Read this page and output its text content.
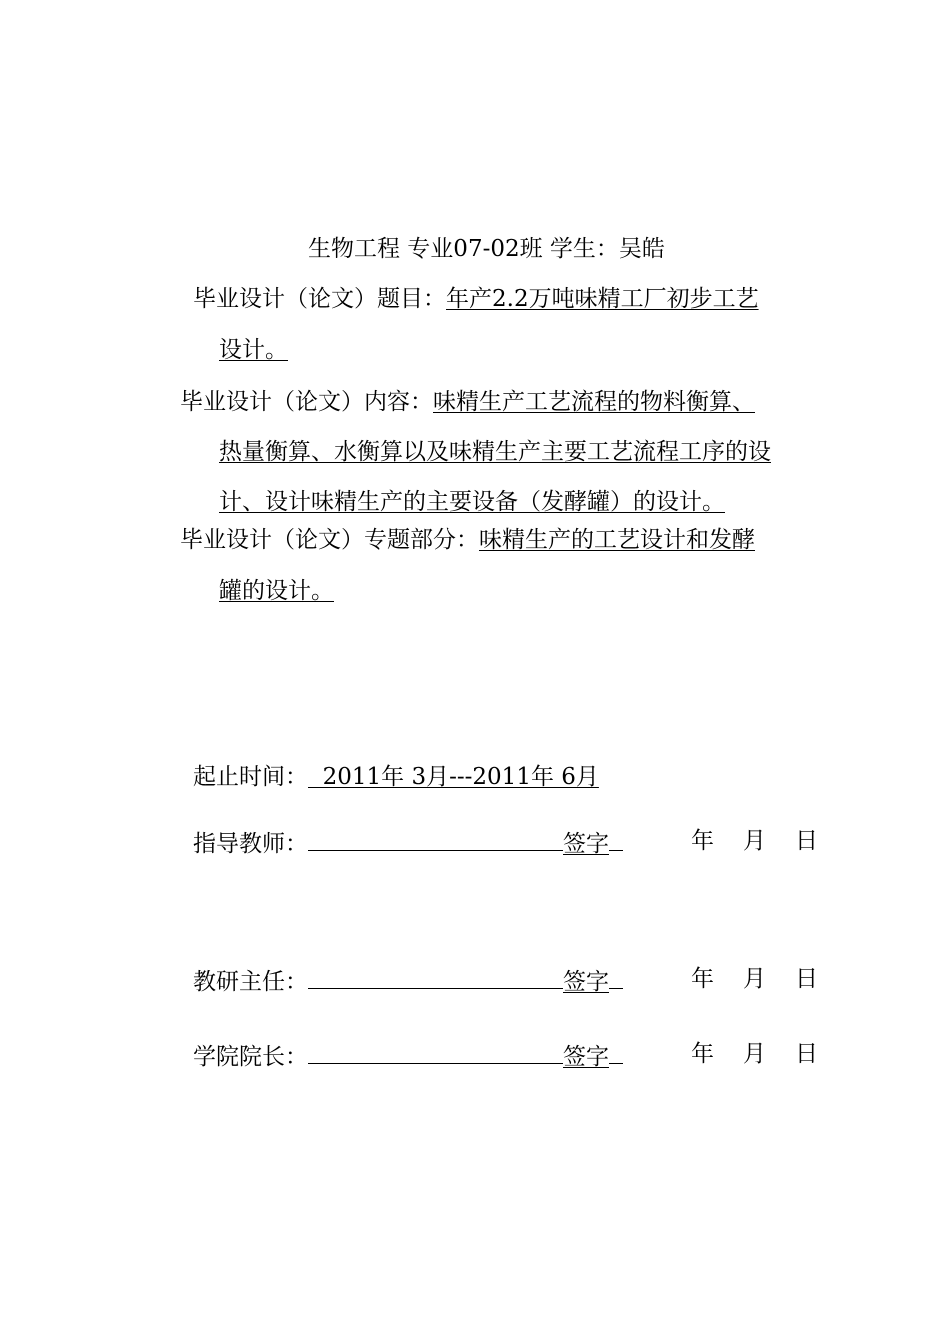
生物工程 专业07-02班 学生：吴皓
毕业设计（论文）题目：年产2.2万吨味精工厂初步工艺
设计。
毕业设计（论文）内容：味精生产工艺流程的物料衡算、
热量衡算、水衡算以及味精生产主要工艺流程工序的设
计、设计味精生产的主要设备（发酵罐）的设计。
毕业设计（论文）专题部分：味精生产的工艺设计和发酵
罐的设计。
起止时间：  2011年 3月---2011年 6月
指导教师：	签字	年 月 日
教研主任：	签字	年 月 日
学院院长：	签字	年 月 日
